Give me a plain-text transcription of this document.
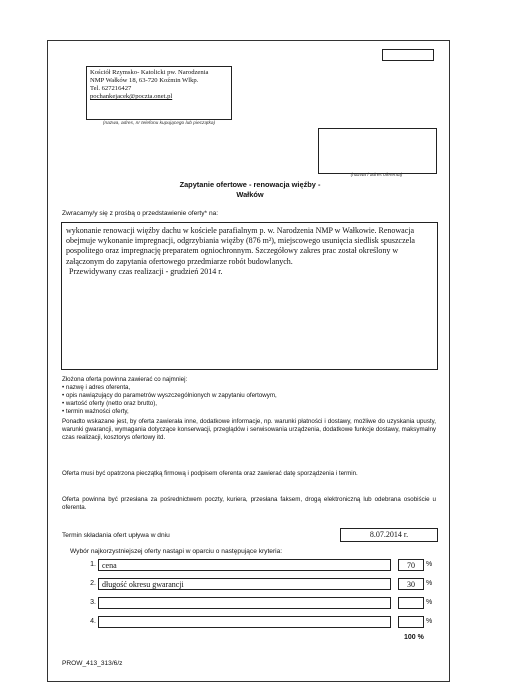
Kościół Rzymsko- Katolicki pw. Narodzenia
NMP Wałków 18, 63-720 Koźmin Wlkp.
Tel. 627216427
pochankejacek@poczta.onet.pl
(nazwa, adres, nr telefonu kupującego lub pieczątka)
(nazwa i adres oferenta)
Zapytanie ofertowe - renowacja więźby -
Wałków
Zwracamy/y się z prośbą o przedstawienie oferty* na:

wykonanie renowacji więźby dachu w kościele parafialnym p. w. Narodzenia NMP w Wałkowie. Renowacja obejmuje wykonanie impregnacji, odgrzybiania więźby (876 m²), miejscowego usunięcia siedlisk spuszczela pospolitego oraz impregnację preparatem ogniochronnym. Szczegółowy zakres prac został określony w załączonym do zapytania ofertowego przedmiarze robót budowlanych.

Przewidywany czas realizacji - grudzień 2014 r.

Złożona oferta powinna zawierać co najmniej:
• nazwę i adres oferenta,
• opis nawiązujący do parametrów wyszczególnionych w zapytaniu ofertowym,
• wartość oferty (netto oraz brutto),
• termin ważności oferty,
Ponadto wskazane jest, by oferta zawierała inne, dodatkowe informacje, np. warunki płatności i dostawy, możliwe do uzyskania upusty, warunki gwarancji, wymagania dotyczące konserwacji, przeglądów i serwisowania urządzenia, dodatkowe funkcje dostawy, maksymalny czas realizacji, kosztorys ofertowy itd.
Oferta musi być opatrzona pieczątką firmową i podpisem oferenta oraz zawierać datę sporządzenia i termin.
Oferta powinna być przesłana za pośrednictwem poczty, kuriera, przesłana faksem, drogą elektroniczną lub odebrana osobiście u oferenta.
Termin składania ofert upływa w dniu	8.07.2014 r.
Wybór najkorzystniejszej oferty nastąpi w oparciu o następujące kryteria:
1. cena	70	%
2. długość okresu gwarancji	30	%
3.	%
4.	%
100 %
PROW_413_313/6/z
